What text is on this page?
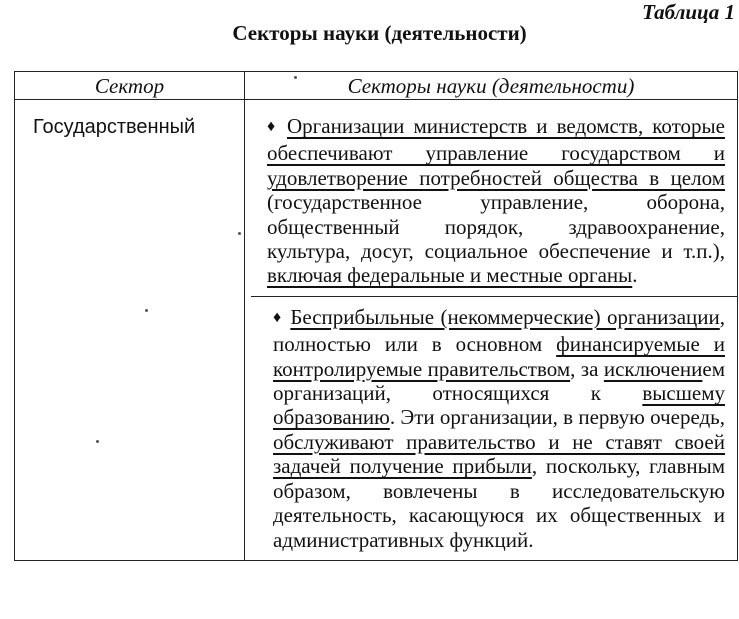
Таблица 1
Секторы науки (деятельности)
Сектор	Секторы науки (деятельности)
Государственный	♦ Организации министерств и ведомств, которые обеспечивают управление государством и удовлетворение потребностей общества в целом (государственное управление, оборона, общественный порядок, здравоохранение, культура, досуг, социальное обеспечение и т.п.), включая федеральные и местные органы.
♦ Бесприбыльные (некоммерческие) организации, полностью или в основном финансируемые и контролируемые правительством, за исключением организаций, относящихся к высшему образованию. Эти организации, в первую очередь, обслуживают правительство и не ставят своей задачей получение прибыли, поскольку, главным образом, вовлечены в исследовательскую деятельность, касающуюся их общественных и административных функций.
